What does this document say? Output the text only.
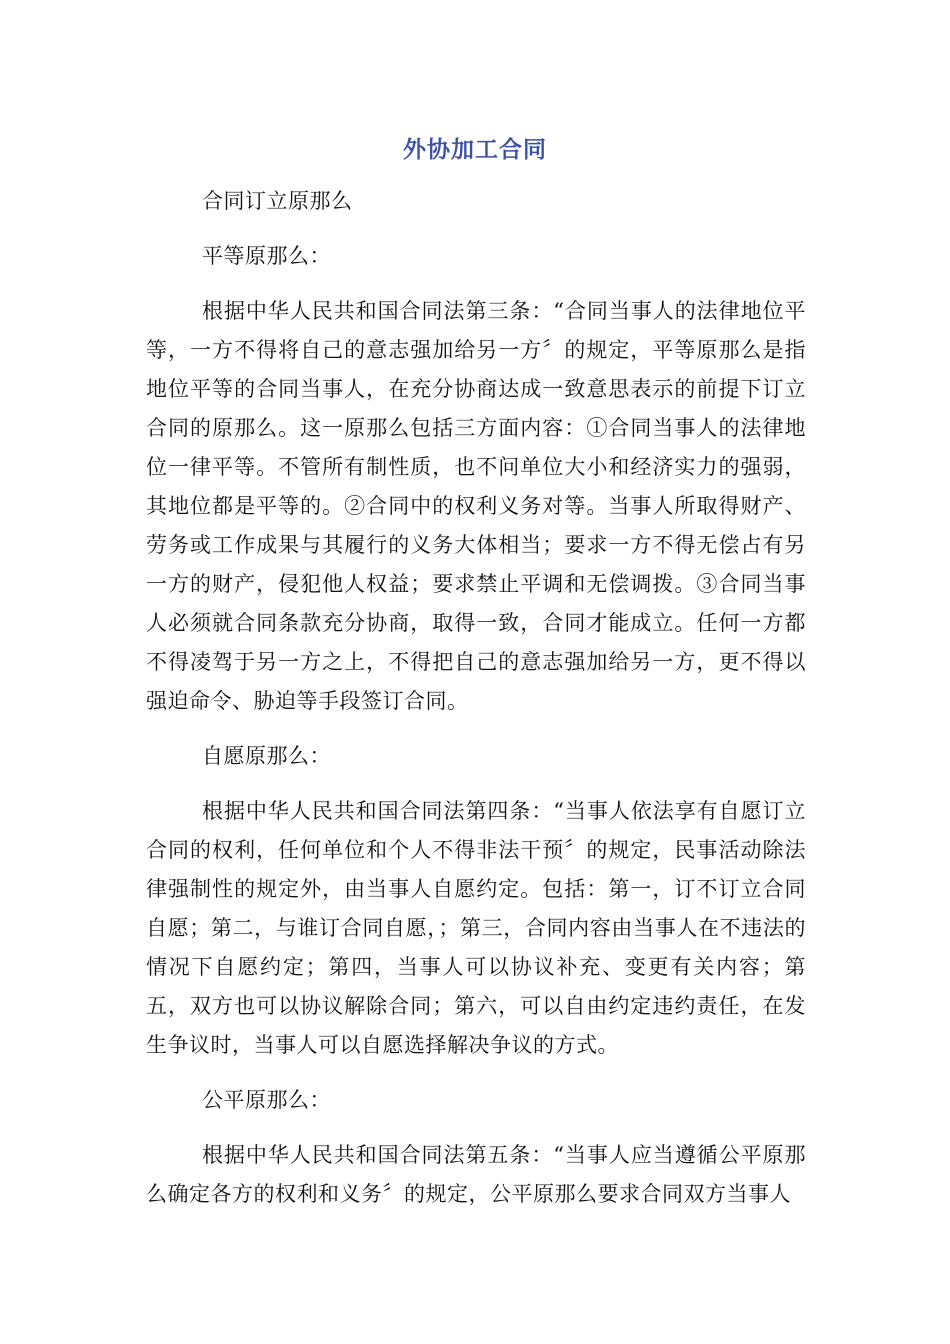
外协加工合同

合同订立原那么

平等原那么：

根据中华人民共和国合同法第三条：“合同当事人的法律地位平等，一方不得将自己的意志强加给另一方〞的规定，平等原那么是指地位平等的合同当事人，在充分协商达成一致意思表示的前提下订立合同的原那么。这一原那么包括三方面内容：①合同当事人的法律地位一律平等。不管所有制性质，也不问单位大小和经济实力的强弱，其地位都是平等的。②合同中的权利义务对等。当事人所取得财产、劳务或工作成果与其履行的义务大体相当；要求一方不得无偿占有另一方的财产，侵犯他人权益；要求禁止平调和无偿调拨。③合同当事人必须就合同条款充分协商，取得一致，合同才能成立。任何一方都不得凌驾于另一方之上，不得把自己的意志强加给另一方，更不得以强迫命令、胁迫等手段签订合同。

自愿原那么：

根据中华人民共和国合同法第四条：“当事人依法享有自愿订立合同的权利，任何单位和个人不得非法干预〞的规定，民事活动除法律强制性的规定外，由当事人自愿约定。包括：第一，订不订立合同自愿；第二，与谁订合同自愿，；第三，合同内容由当事人在不违法的情况下自愿约定；第四，当事人可以协议补充、变更有关内容；第五，双方也可以协议解除合同；第六，可以自由约定违约责任，在发生争议时，当事人可以自愿选择解决争议的方式。

公平原那么：

根据中华人民共和国合同法第五条：“当事人应当遵循公平原那么确定各方的权利和义务〞的规定，公平原那么要求合同双方当事人
